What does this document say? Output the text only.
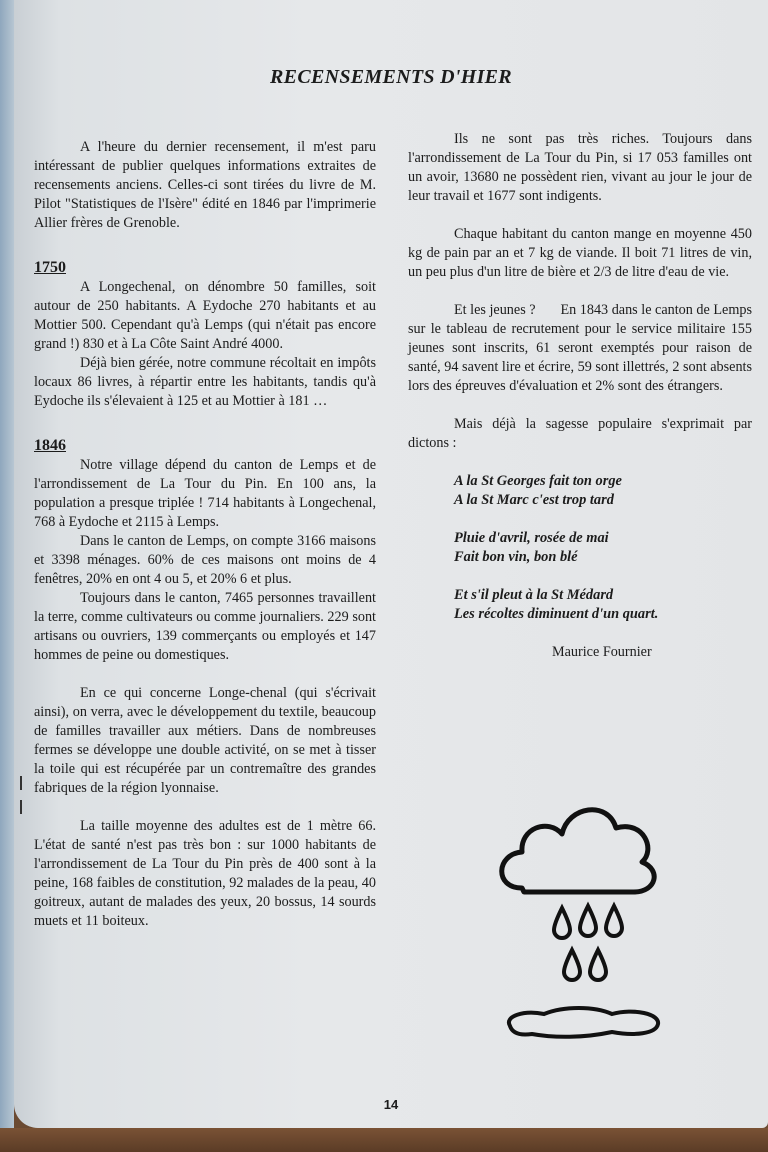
RECENSEMENTS D'HIER

A l'heure du dernier recensement, il m'est paru intéressant de publier quelques informations extraites de recensements anciens. Celles-ci sont tirées du livre de M. Pilot "Statistiques de l'Isère" édité en 1846 par l'imprimerie Allier frères de Grenoble.

1750

A Longechenal, on dénombre 50 familles, soit autour de 250 habitants. A Eydoche 270 habitants et au Mottier 500. Cependant qu'à Lemps (qui n'était pas encore grand !) 830 et à La Côte Saint André 4000.

Déjà bien gérée, notre commune récoltait en impôts locaux 86 livres, à répartir entre les habitants, tandis qu'à Eydoche ils s'élevaient à 125 et au Mottier à 181 …

1846

Notre village dépend du canton de Lemps et de l'arrondissement de La Tour du Pin. En 100 ans, la population a presque triplée ! 714 habitants à Longechenal, 768 à Eydoche et 2115 à Lemps.

Dans le canton de Lemps, on compte 3166 maisons et 3398 ménages. 60% de ces maisons ont moins de 4 fenêtres, 20% en ont 4 ou 5, et 20% 6 et plus.

Toujours dans le canton, 7465 personnes travaillent la terre, comme cultivateurs ou comme journaliers. 229 sont artisans ou ouvriers, 139 commerçants ou employés et 147 hommes de peine ou domestiques.

En ce qui concerne Longe-chenal (qui s'écrivait ainsi), on verra, avec le développement du textile, beaucoup de familles travailler aux métiers. Dans de nombreuses fermes se développe une double activité, on se met à tisser la toile qui est récupérée par un contremaître des grandes fabriques de la région lyonnaise.

La taille moyenne des adultes est de 1 mètre 66. L'état de santé n'est pas très bon : sur 1000 habitants de l'arrondissement de La Tour du Pin près de 400 sont à la peine, 168 faibles de constitution, 92 malades de la peau, 40 goitreux, autant de malades des yeux, 20 bossus, 14 sourds muets et 11 boiteux.

Ils ne sont pas très riches. Toujours dans l'arrondissement de La Tour du Pin, si 17 053 familles ont un avoir, 13680 ne possèdent rien, vivant au jour le jour de leur travail et 1677 sont indigents.

Chaque habitant du canton mange en moyenne 450 kg de pain par an et 7 kg de viande. Il boit 71 litres de vin, un peu plus d'un litre de bière et 2/3 de litre d'eau de vie.

Et les jeunes ?       En 1843 dans le canton de Lemps sur le tableau de recrutement pour le service militaire 155 jeunes sont inscrits, 61 seront exemptés pour raison de santé, 94 savent lire et écrire, 59 sont illettrés, 2 sont absents lors des épreuves d'évaluation et 2% sont des étrangers.

Mais déjà la sagesse populaire s'exprimait par dictons :

A la St Georges fait ton orge

A la St Marc c'est trop tard

Pluie d'avril, rosée de mai

Fait bon vin, bon blé

Et s'il pleut à la St Médard

Les récoltes diminuent d'un quart.

Maurice Fournier

14
